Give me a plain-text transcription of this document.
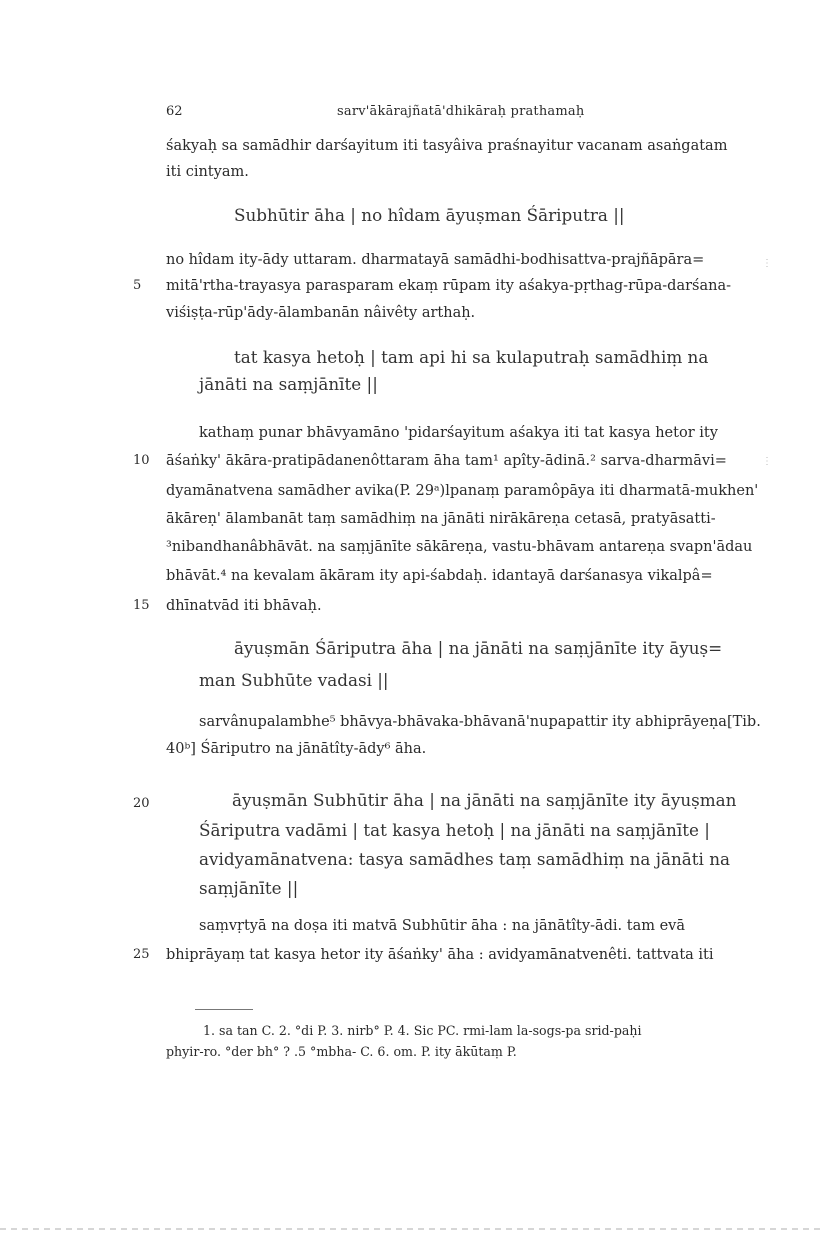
62	sarv'ākārajñatā'dhikāraḥ prathamaḥ
śakyaḥ sa samādhir darśayitum iti tasyâiva praśnayitur vacanam asaṅgatam
iti cintyam.
Subhūtir āha | no hîdam āyuṣman Śāriputra ||
no hîdam ity-ādy uttaram. dharmatayā samādhi-bodhisattva-prajñāpāra=
5 mitā'rtha-trayasya parasparam ekaṃ rūpam ity aśakya-pṛthag-rūpa-darśana-
viśiṣṭa-rūp'ādy-ālambanān nâivêty arthaḥ.
tat kasya hetoḥ | tam api hi sa kulaputraḥ samādhiṃ na
jānāti na saṃjānīte ||
kathaṃ punar bhāvyamāno 'pidarśayitum aśakya iti tat kasya hetor ity
10 āśaṅky' ākāra-pratipādanenôttaram āha tam¹ apîty-ādinā.² sarva-dharmāvi=
dyamānatvena samādher avika(P. 29ᵃ)lpanaṃ paramôpāya iti dharmatā-mukhen'
ākāreṇ' ālambanāt taṃ samādhiṃ na jānāti nirākāreṇa cetasā, pratyāsatti-
³nibandhanâbhāvāt. na saṃjānīte sākāreṇa, vastu-bhāvam antareṇa svapn'ādau
bhāvāt.⁴ na kevalam ākāram ity api-śabdaḥ. idantayā darśanasya vikalpâ=
15 dhīnatvād iti bhāvaḥ.
āyuṣmān Śāriputra āha | na jānāti na saṃjānīte ity āyuṣ=
man Subhūte vadasi ||
sarvânupalambhe⁵ bhāvya-bhāvaka-bhāvanā'nupapattir ity abhiprāyeṇa[Tib.
40ᵇ] Śāriputro na jānātîty-ādy⁶ āha.
20	āyuṣmān Subhūtir āha | na jānāti na saṃjānīte ity āyuṣman
Śāriputra vadāmi | tat kasya hetoḥ | na jānāti na saṃjānīte |
avidyamānatvena: tasya samādhes taṃ samādhiṃ na jānāti na
saṃjānīte ||
saṃvṛtyā na doṣa iti matvā Subhūtir āha : na jānātîty-ādi. tam evā
25 bhiprāyaṃ tat kasya hetor ity āśaṅky' āha : avidyamānatvenêti. tattvata iti
1. sa tan C. 2. °di P. 3. nirb° P. 4. Sic PC. rmi-lam la-sogs-pa srid-paḥi
phyir-ro. °der bh° ? .5 °mbha- C. 6. om. P. ity ākūtaṃ P.
⋮
⋮
